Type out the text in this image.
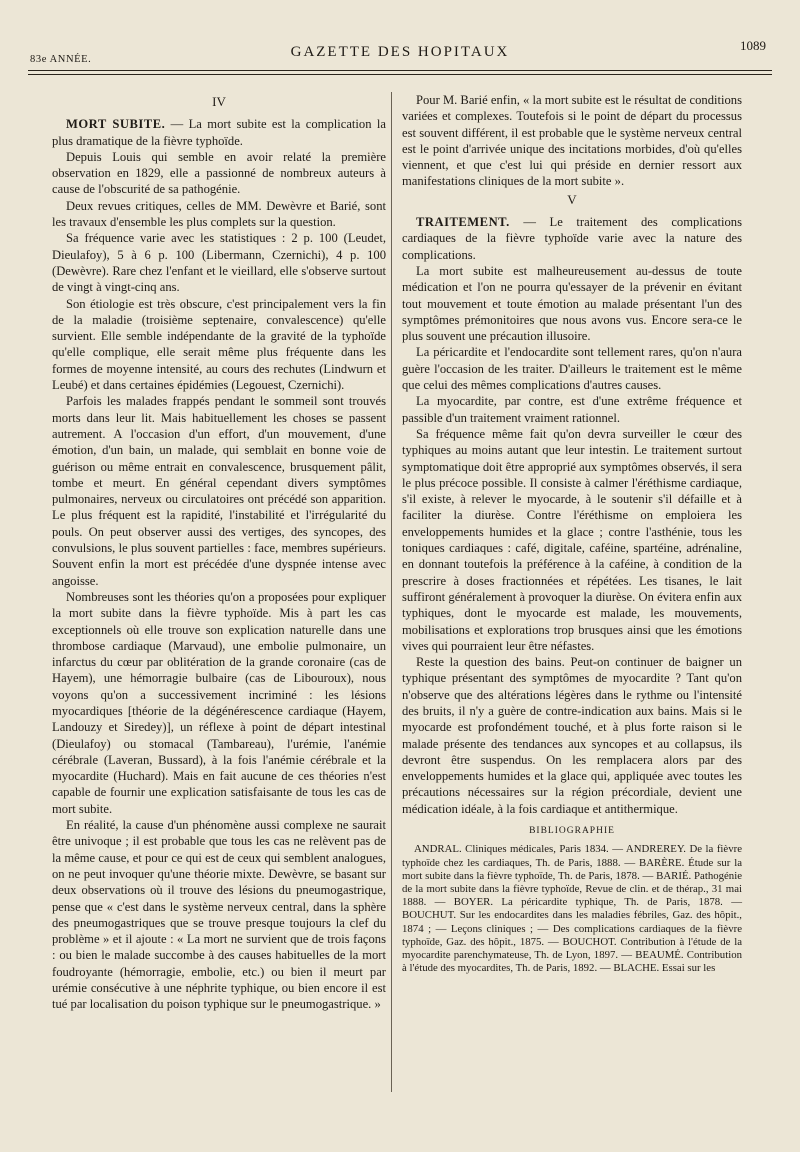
83e ANNÉE.	GAZETTE DES HOPITAUX	1089
IV

MORT SUBITE. — La mort subite est la complication la plus dramatique de la fièvre typhoïde.

Depuis Louis qui semble en avoir relaté la première observation en 1829, elle a passionné de nombreux auteurs à cause de l'obscurité de sa pathogénie.

Deux revues critiques, celles de MM. Dewèvre et Barié, sont les travaux d'ensemble les plus complets sur la question.

Sa fréquence varie avec les statistiques : 2 p. 100 (Leudet, Dieulafoy), 5 à 6 p. 100 (Libermann, Czernichi), 4 p. 100 (Dewèvre). Rare chez l'enfant et le vieillard, elle s'observe surtout de vingt à vingt-cinq ans.

Son étiologie est très obscure, c'est principalement vers la fin de la maladie (troisième septenaire, convalescence) qu'elle survient. Elle semble indépendante de la gravité de la typhoïde qu'elle complique, elle serait même plus fréquente dans les formes de moyenne intensité, au cours des rechutes (Lindwurn et Leubé) et dans certaines épidémies (Legouest, Czernichi).

Parfois les malades frappés pendant le sommeil sont trouvés morts dans leur lit. Mais habituellement les choses se passent autrement. A l'occasion d'un effort, d'un mouvement, d'une émotion, d'un bain, un malade, qui semblait en bonne voie de guérison ou même entrait en convalescence, brusquement pâlit, tombe et meurt. En général cependant divers symptômes pulmonaires, nerveux ou circulatoires ont précédé son apparition. Le plus fréquent est la rapidité, l'instabilité et l'irrégularité du pouls. On peut observer aussi des vertiges, des syncopes, des convulsions, le plus souvent partielles : face, membres supérieurs. Souvent enfin la mort est précédée d'une dyspnée intense avec angoisse.

Nombreuses sont les théories qu'on a proposées pour expliquer la mort subite dans la fièvre typhoïde. Mis à part les cas exceptionnels où elle trouve son explication naturelle dans une thrombose cardiaque (Marvaud), une embolie pulmonaire, un infarctus du cœur par oblitération de la grande coronaire (cas de Hayem), une hémorragie bulbaire (cas de Libouroux), nous voyons qu'on a successivement incriminé : les lésions myocardiques [théorie de la dégénérescence cardiaque (Hayem, Landouzy et Siredey)], un réflexe à point de départ intestinal (Dieulafoy) ou stomacal (Tambareau), l'urémie, l'anémie cérébrale (Laveran, Bussard), à la fois l'anémie cérébrale et la myocardite (Huchard). Mais en fait aucune de ces théories n'est capable de fournir une explication satisfaisante de tous les cas de mort subite.

En réalité, la cause d'un phénomène aussi complexe ne saurait être univoque ; il est probable que tous les cas ne relèvent pas de la même cause, et pour ce qui est de ceux qui semblent analogues, on ne peut invoquer qu'une théorie mixte. Dewèvre, se basant sur deux observations où il trouve des lésions du pneumogastrique, pense que « c'est dans le système nerveux central, dans la sphère des pneumogastriques que se trouve presque toujours la clef du problème » et il ajoute : « La mort ne survient que de trois façons : ou bien le malade succombe à des causes habituelles de la mort foudroyante (hémorragie, embolie, etc.) ou bien il meurt par urémie consécutive à une néphrite typhique, ou bien encore il est tué par localisation du poison typhique sur le pneumogastrique. »

Pour M. Barié enfin, « la mort subite est le résultat de conditions variées et complexes. Toutefois si le point de départ du processus est souvent différent, il est probable que le système nerveux central est le point d'arrivée unique des incitations morbides, d'où qu'elles viennent, et que c'est lui qui préside en dernier ressort aux manifestations cliniques de la mort subite ».

V

TRAITEMENT. — Le traitement des complications cardiaques de la fièvre typhoïde varie avec la nature des complications.

La mort subite est malheureusement au-dessus de toute médication et l'on ne pourra qu'essayer de la prévenir en évitant tout mouvement et toute émotion au malade présentant l'un des symptômes prémonitoires que nous avons vus. Encore sera-ce le plus souvent une précaution illusoire.

La péricardite et l'endocardite sont tellement rares, qu'on n'aura guère l'occasion de les traiter. D'ailleurs le traitement est le même que celui des mêmes complications d'autres causes.

La myocardite, par contre, est d'une extrême fréquence et passible d'un traitement vraiment rationnel.

Sa fréquence même fait qu'on devra surveiller le cœur des typhiques au moins autant que leur intestin. Le traitement surtout symptomatique doit être approprié aux symptômes observés, il sera le plus précoce possible. Il consiste à calmer l'éréthisme cardiaque, s'il existe, à relever le myocarde, à le soutenir s'il défaille et à faciliter la diurèse. Contre l'éréthisme on emploiera les enveloppements humides et la glace ; contre l'asthénie, tous les toniques cardiaques : café, digitale, caféine, spartéine, adrénaline, en donnant toutefois la préférence à la caféine, à condition de la prescrire à doses fractionnées et répétées. Les tisanes, le lait suffiront généralement à provoquer la diurèse. On évitera enfin aux typhiques, dont le myocarde est malade, les mouvements, mobilisations et explorations trop brusques ainsi que les émotions vives qui pourraient leur être néfastes.

Reste la question des bains. Peut-on continuer de baigner un typhique présentant des symptômes de myocardite ? Tant qu'on n'observe que des altérations légères dans le rythme ou l'intensité des bruits, il n'y a guère de contre-indication aux bains. Mais si le myocarde est profondément touché, et à plus forte raison si le malade présente des tendances aux syncopes et au collapsus, ils devront être suspendus. On les remplacera alors par des enveloppements humides et la glace qui, appliquée avec toutes les précautions nécessaires sur la région précordiale, devient une médication idéale, à la fois cardiaque et antithermique.

BIBLIOGRAPHIE

ANDRAL. Cliniques médicales, Paris 1834. — ANDREREY. De la fièvre typhoïde chez les cardiaques, Th. de Paris, 1888. — BARÈRE. Étude sur la mort subite dans la fièvre typhoïde, Th. de Paris, 1878. — BARIÉ. Pathogénie de la mort subite dans la fièvre typhoïde, Revue de clin. et de thérap., 31 mai 1888. — BOYER. La péricardite typhique, Th. de Paris, 1878. — BOUCHUT. Sur les endocardites dans les maladies fébriles, Gaz. des hôpit., 1874 ; — Leçons cliniques ; — Des complications cardiaques de la fièvre typhoïde, Gaz. des hôpit., 1875. — BOUCHOT. Contribution à l'étude de la myocardite parenchymateuse, Th. de Lyon, 1897. — BEAUMÉ. Contribution à l'étude des myocardites, Th. de Paris, 1892. — BLACHE. Essai sur les
